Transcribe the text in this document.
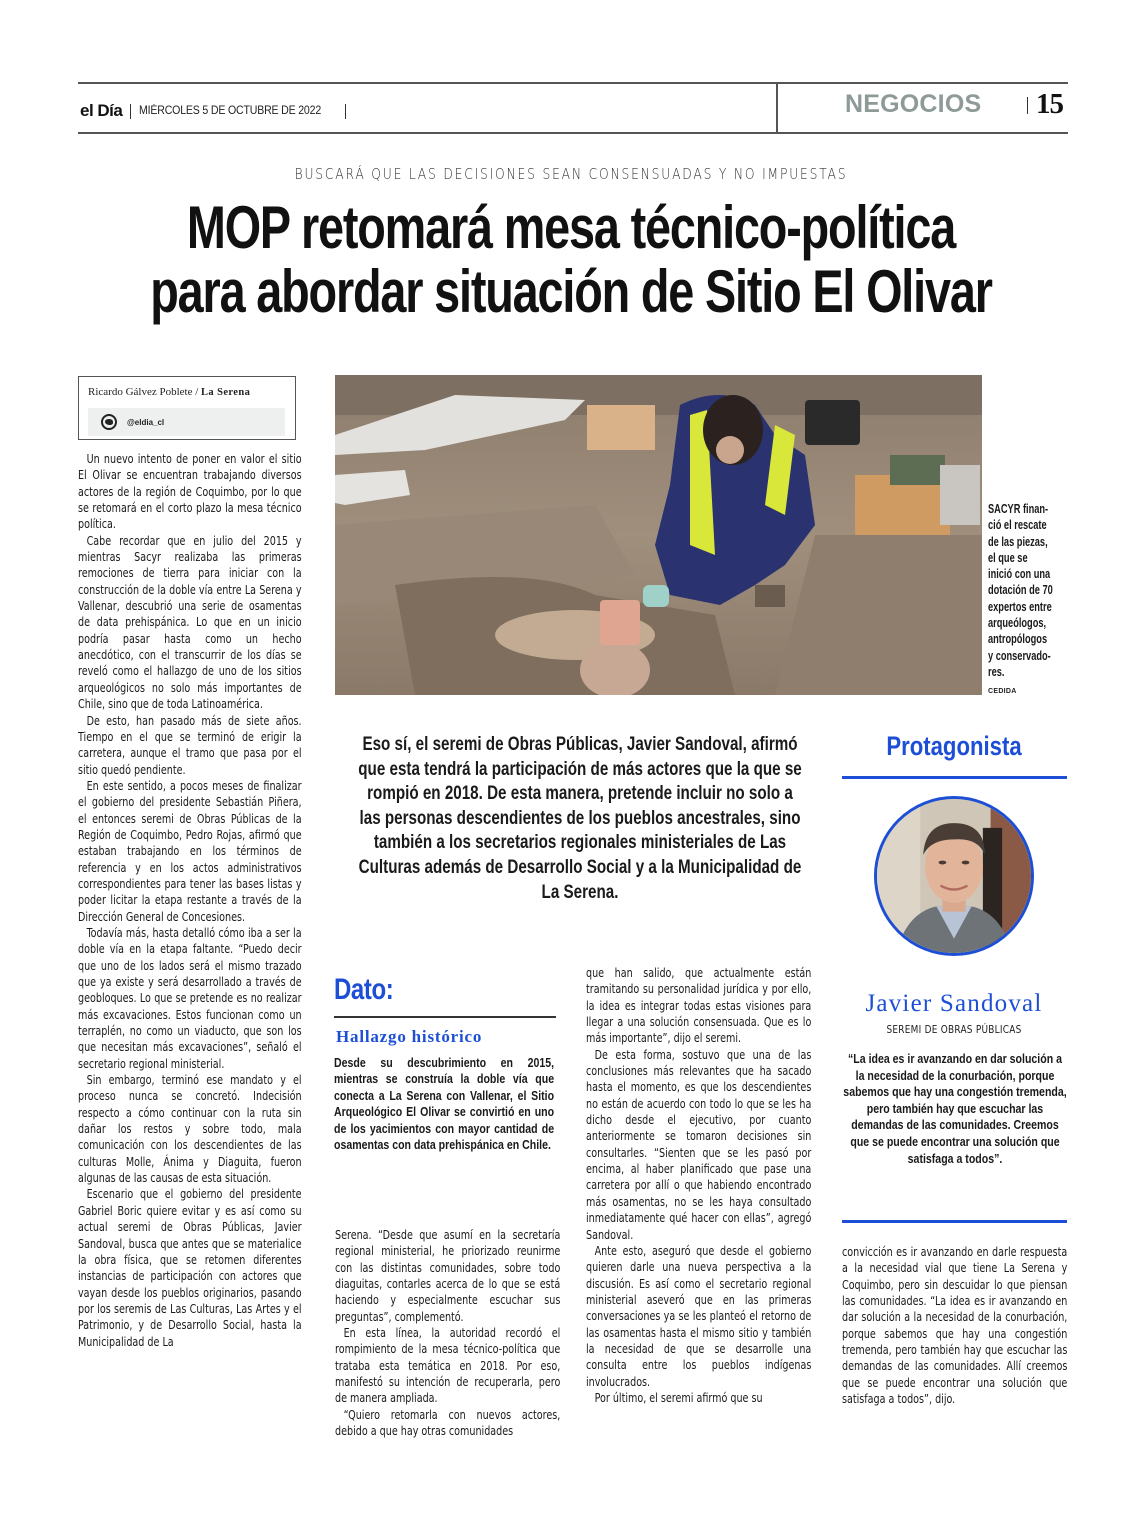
el Día MIÉRCOLES 5 DE OCTUBRE DE 2022	NEGOCIOS 15
BUSCARÁ QUE LAS DECISIONES SEAN CONSENSUADAS Y NO IMPUESTAS
MOP retomará mesa técnico-política
para abordar situación de Sitio El Olivar
Ricardo Gálvez Poblete / La Serena
@eldia_cl

Un nuevo intento de poner en valor el sitio El Olivar se encuentran trabajando diversos actores de la región de Coquimbo, por lo que se retomará en el corto plazo la mesa técnico política.

Cabe recordar que en julio del 2015 y mientras Sacyr realizaba las primeras remociones de tierra para iniciar con la construcción de la doble vía entre La Serena y Vallenar, descubrió una serie de osamentas de data prehispánica. Lo que en un inicio podría pasar hasta como un hecho anecdótico, con el transcurrir de los días se reveló como el hallazgo de uno de los sitios arqueológicos no solo más importantes de Chile, sino que de toda Latinoamérica.

De esto, han pasado más de siete años. Tiempo en el que se terminó de erigir la carretera, aunque el tramo que pasa por el sitio quedó pendiente.

En este sentido, a pocos meses de finalizar el gobierno del presidente Sebastián Piñera, el entonces seremi de Obras Públicas de la Región de Coquimbo, Pedro Rojas, afirmó que estaban trabajando en los términos de referencia y en los actos administrativos correspondientes para tener las bases listas y poder licitar la etapa restante a través de la Dirección General de Concesiones.

Todavía más, hasta detalló cómo iba a ser la doble vía en la etapa faltante. “Puedo decir que uno de los lados será el mismo trazado que ya existe y será desarrollado a través de geobloques. Lo que se pretende es no realizar más excavaciones. Estos funcionan como un terraplén, no como un viaducto, que son los que necesitan más excavaciones”, señaló el secretario regional ministerial.

Sin embargo, terminó ese mandato y el proceso nunca se concretó. Indecisión respecto a cómo continuar con la ruta sin dañar los restos y sobre todo, mala comunicación con los descendientes de las culturas Molle, Ánima y Diaguita, fueron algunas de las causas de esta situación.

Escenario que el gobierno del presidente Gabriel Boric quiere evitar y es así como su actual seremi de Obras Públicas, Javier Sandoval, busca que antes que se materialice la obra física, que se retomen diferentes instancias de participación con actores que vayan desde los pueblos originarios, pasando por los seremis de Las Culturas, Las Artes y el Patrimonio, y de Desarrollo Social, hasta la Municipalidad de La

SACYR finan-
ció el rescate
de las piezas,
el que se
inició con una
dotación de 70
expertos entre
arqueólogos,
antropólogos
y conservado-
res.
CEDIDA
Eso sí, el seremi de Obras Públicas, Javier Sandoval, afirmó que esta tendrá la participación de más actores que la que se rompió en 2018. De esta manera, pretende incluir no solo a las personas descendientes de los pueblos ancestrales, sino también a los secretarios regionales ministeriales de Las Culturas además de Desarrollo Social y a la Municipalidad de La Serena.
Dato:
Hallazgo histórico
Desde su descubrimiento en 2015, mientras se construía la doble vía que conecta a La Serena con Vallenar, el Sitio Arqueológico El Olivar se convirtió en uno de los yacimientos con mayor cantidad de osamentas con data prehispánica en Chile.

Serena. “Desde que asumí en la secretaría regional ministerial, he priorizado reunirme con las distintas comunidades, sobre todo diaguitas, contarles acerca de lo que se está haciendo y especialmente escuchar sus preguntas”, complementó.

En esta línea, la autoridad recordó el rompimiento de la mesa técnico-política que trataba esta temática en 2018. Por eso, manifestó su intención de recuperarla, pero de manera ampliada.

“Quiero retomarla con nuevos actores, debido a que hay otras comunidades

que han salido, que actualmente están tramitando su personalidad jurídica y por ello, la idea es integrar todas estas visiones para llegar a una solución consensuada. Que es lo más importante”, dijo el seremi.

De esta forma, sostuvo que una de las conclusiones más relevantes que ha sacado hasta el momento, es que los descendientes no están de acuerdo con todo lo que se les ha dicho desde el ejecutivo, por cuanto anteriormente se tomaron decisiones sin consultarles. “Sienten que se les pasó por encima, al haber planificado que pase una carretera por allí o que habiendo encontrado más osamentas, no se les haya consultado inmediatamente qué hacer con ellas”, agregó Sandoval.

Ante esto, aseguró que desde el gobierno quieren darle una nueva perspectiva a la discusión. Es así como el secretario regional ministerial aseveró que en las primeras conversaciones ya se les planteó el retorno de las osamentas hasta el mismo sitio y también la necesidad de que se desarrolle una consulta entre los pueblos indígenas involucrados.

Por último, el seremi afirmó que su

Protagonista
Javier Sandoval
SEREMI DE OBRAS PÚBLICAS
“La idea es ir avanzando en dar solución a la necesidad de la conurbación, porque sabemos que hay una congestión tremenda, pero también hay que escuchar las demandas de las comunidades. Creemos que se puede encontrar una solución que satisfaga a todos”.

convicción es ir avanzando en darle respuesta a la necesidad vial que tiene La Serena y Coquimbo, pero sin descuidar lo que piensan las comunidades. “La idea es ir avanzando en dar solución a la necesidad de la conurbación, porque sabemos que hay una congestión tremenda, pero también hay que escuchar las demandas de las comunidades. Allí creemos que se puede encontrar una solución que satisfaga a todos”, dijo.
